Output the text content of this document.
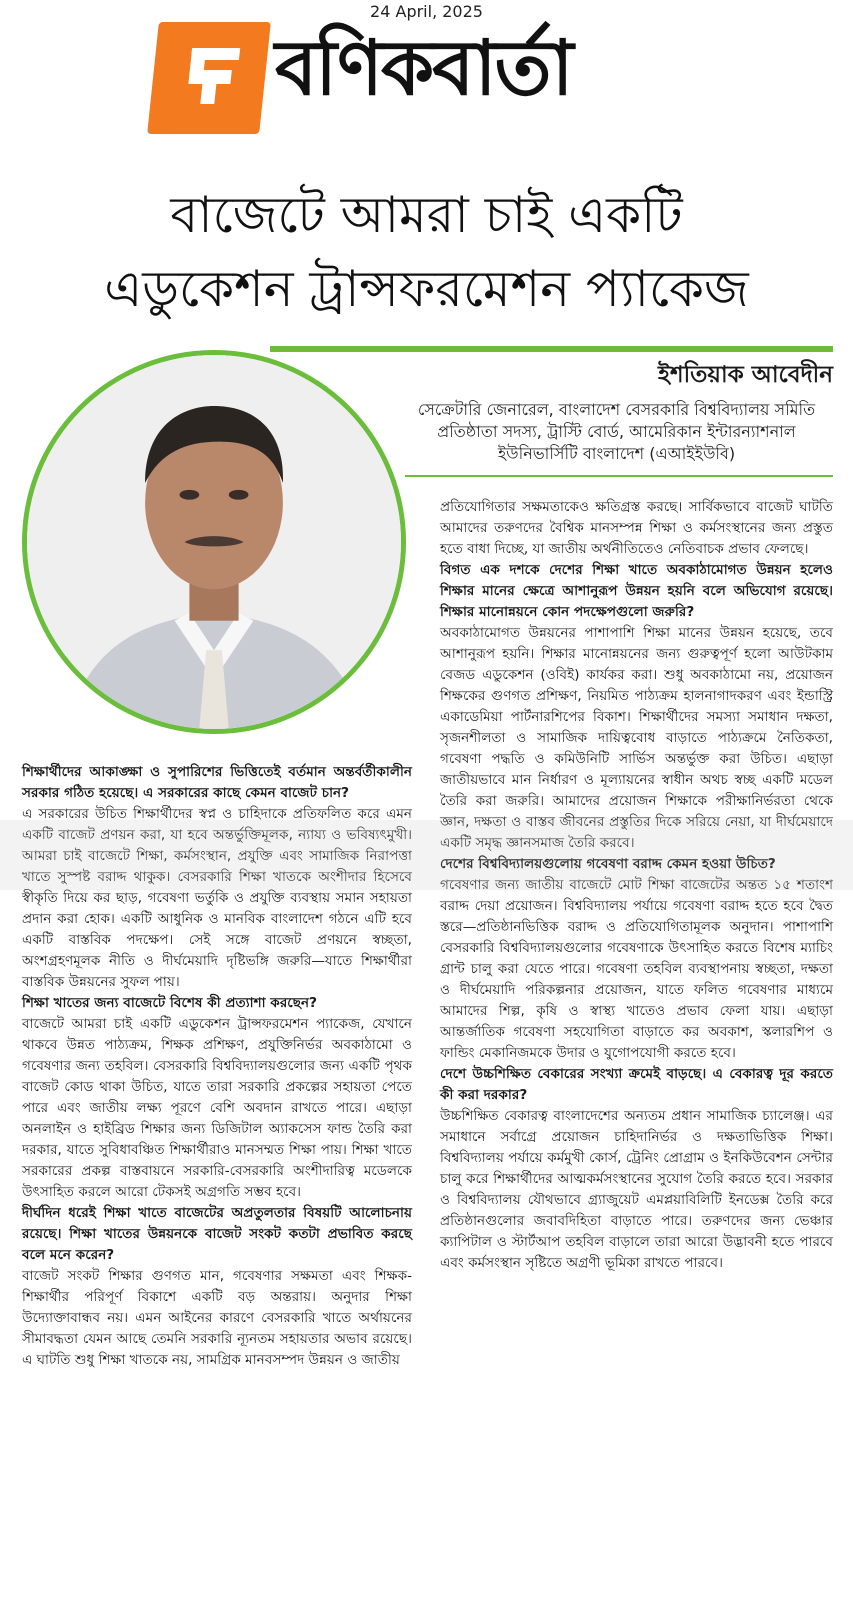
24 April, 2025
বণিকবার্তা
বাজেটে আমরা চাই একটি
এডুকেশন ট্রান্সফরমেশন প্যাকেজ
ইশতিয়াক আবেদীন
সেক্রেটারি জেনারেল, বাংলাদেশ বেসরকারি বিশ্ববিদ্যালয় সমিতি
প্রতিষ্ঠাতা সদস্য, ট্রাস্টি বোর্ড, আমেরিকান ইন্টারন্যাশনাল
ইউনিভার্সিটি বাংলাদেশ (এআইইউবি)

শিক্ষার্থীদের আকাঙ্ক্ষা ও সুপারিশের ভিত্তিতেই বর্তমান অন্তর্বর্তীকালীন সরকার গঠিত হয়েছে। এ সরকারের কাছে কেমন বাজেট চান?

এ সরকারের উচিত শিক্ষার্থীদের স্বপ্ন ও চাহিদাকে প্রতিফলিত করে এমন একটি বাজেট প্রণয়ন করা, যা হবে অন্তর্ভুক্তিমূলক, ন্যায্য ও ভবিষ্যৎমুখী। আমরা চাই বাজেটে শিক্ষা, কর্মসংস্থান, প্রযুক্তি এবং সামাজিক নিরাপত্তা খাতে সুস্পষ্ট বরাদ্দ থাকুক। বেসরকারি শিক্ষা খাতকে অংশীদার হিসেবে স্বীকৃতি দিয়ে কর ছাড়, গবেষণা ভর্তুকি ও প্রযুক্তি ব্যবস্থায় সমান সহায়তা প্রদান করা হোক। একটি আধুনিক ও মানবিক বাংলাদেশ গঠনে এটি হবে একটি বাস্তবিক পদক্ষেপ। সেই সঙ্গে বাজেট প্রণয়নে স্বচ্ছতা, অংশগ্রহণমূলক নীতি ও দীর্ঘমেয়াদি দৃষ্টিভঙ্গি জরুরি—যাতে শিক্ষার্থীরা বাস্তবিক উন্নয়নের সুফল পায়।

শিক্ষা খাতের জন্য বাজেটে বিশেষ কী প্রত্যাশা করছেন?

বাজেটে আমরা চাই একটি এডুকেশন ট্রান্সফরমেশন প্যাকেজ, যেখানে থাকবে উন্নত পাঠ্যক্রম, শিক্ষক প্রশিক্ষণ, প্রযুক্তিনির্ভর অবকাঠামো ও গবেষণার জন্য তহবিল। বেসরকারি বিশ্ববিদ্যালয়গুলোর জন্য একটি পৃথক বাজেট কোড থাকা উচিত, যাতে তারা সরকারি প্রকল্পের সহায়তা পেতে পারে এবং জাতীয় লক্ষ্য পূরণে বেশি অবদান রাখতে পারে। এছাড়া অনলাইন ও হাইব্রিড শিক্ষার জন্য ডিজিটাল অ্যাকসেস ফান্ড তৈরি করা দরকার, যাতে সুবিধাবঞ্চিত শিক্ষার্থীরাও মানসম্মত শিক্ষা পায়। শিক্ষা খাতে সরকারের প্রকল্প বাস্তবায়নে সরকারি-বেসরকারি অংশীদারিত্ব মডেলকে উৎসাহিত করলে আরো টেকসই অগ্রগতি সম্ভব হবে।

দীর্ঘদিন ধরেই শিক্ষা খাতে বাজেটের অপ্রতুলতার বিষয়টি আলোচনায় রয়েছে। শিক্ষা খাতের উন্নয়নকে বাজেট সংকট কতটা প্রভাবিত করছে বলে মনে করেন?

বাজেট সংকট শিক্ষার গুণগত মান, গবেষণার সক্ষমতা এবং শিক্ষক-শিক্ষার্থীর পরিপূর্ণ বিকাশে একটি বড় অন্তরায়। অনুদার শিক্ষা উদ্যোক্তাবান্ধব নয়। এমন আইনের কারণে বেসরকারি খাতে অর্থায়নের সীমাবদ্ধতা যেমন আছে তেমনি সরকারি ন্যূনতম সহায়তার অভাব রয়েছে। এ ঘাটতি শুধু শিক্ষা খাতকে নয়, সামগ্রিক মানবসম্পদ উন্নয়ন ও জাতীয়

প্রতিযোগিতার সক্ষমতাকেও ক্ষতিগ্রস্ত করছে। সার্বিকভাবে বাজেট ঘাটতি আমাদের তরুণদের বৈশ্বিক মানসম্পন্ন শিক্ষা ও কর্মসংস্থানের জন্য প্রস্তুত হতে বাধা দিচ্ছে, যা জাতীয় অর্থনীতিতেও নেতিবাচক প্রভাব ফেলছে।

বিগত এক দশকে দেশের শিক্ষা খাতে অবকাঠামোগত উন্নয়ন হলেও শিক্ষার মানের ক্ষেত্রে আশানুরূপ উন্নয়ন হয়নি বলে অভিযোগ রয়েছে। শিক্ষার মানোন্নয়নে কোন পদক্ষেপগুলো জরুরি?

অবকাঠামোগত উন্নয়নের পাশাপাশি শিক্ষা মানের উন্নয়ন হয়েছে, তবে আশানুরূপ হয়নি। শিক্ষার মানোন্নয়নের জন্য গুরুত্বপূর্ণ হলো আউটকাম বেজড এডুকেশন (ওবিই) কার্যকর করা। শুধু অবকাঠামো নয়, প্রয়োজন শিক্ষকের গুণগত প্রশিক্ষণ, নিয়মিত পাঠ্যক্রম হালনাগাদকরণ এবং ইন্ডাস্ট্রি একাডেমিয়া পার্টনারশিপের বিকাশ। শিক্ষার্থীদের সমস্যা সমাধান দক্ষতা, সৃজনশীলতা ও সামাজিক দায়িত্ববোধ বাড়াতে পাঠ্যক্রমে নৈতিকতা, গবেষণা পদ্ধতি ও কমিউনিটি সার্ভিস অন্তর্ভুক্ত করা উচিত। এছাড়া জাতীয়ভাবে মান নির্ধারণ ও মূল্যায়নের স্বাধীন অথচ স্বচ্ছ একটি মডেল তৈরি করা জরুরি। আমাদের প্রয়োজন শিক্ষাকে পরীক্ষানির্ভরতা থেকে জ্ঞান, দক্ষতা ও বাস্তব জীবনের প্রস্তুতির দিকে সরিয়ে নেয়া, যা দীর্ঘমেয়াদে একটি সমৃদ্ধ জ্ঞানসমাজ তৈরি করবে।

দেশের বিশ্ববিদ্যালয়গুলোয় গবেষণা বরাদ্দ কেমন হওয়া উচিত?

গবেষণার জন্য জাতীয় বাজেটে মোট শিক্ষা বাজেটের অন্তত ১৫ শতাংশ বরাদ্দ দেয়া প্রয়োজন। বিশ্ববিদ্যালয় পর্যায়ে গবেষণা বরাদ্দ হতে হবে দ্বৈত স্তরে—প্রতিষ্ঠানভিত্তিক বরাদ্দ ও প্রতিযোগিতামূলক অনুদান। পাশাপাশি বেসরকারি বিশ্ববিদ্যালয়গুলোর গবেষণাকে উৎসাহিত করতে বিশেষ ম্যাচিং গ্রান্ট চালু করা যেতে পারে। গবেষণা তহবিল ব্যবস্থাপনায় স্বচ্ছতা, দক্ষতা ও দীর্ঘমেয়াদি পরিকল্পনার প্রয়োজন, যাতে ফলিত গবেষণার মাধ্যমে আমাদের শিল্প, কৃষি ও স্বাস্থ্য খাতেও প্রভাব ফেলা যায়। এছাড়া আন্তর্জাতিক গবেষণা সহযোগিতা বাড়াতে কর অবকাশ, স্কলারশিপ ও ফান্ডিং মেকানিজমকে উদার ও যুগোপযোগী করতে হবে।

দেশে উচ্চশিক্ষিত বেকারের সংখ্যা ক্রমেই বাড়ছে। এ বেকারত্ব দূর করতে কী করা দরকার?

উচ্চশিক্ষিত বেকারত্ব বাংলাদেশের অন্যতম প্রধান সামাজিক চ্যালেঞ্জ। এর সমাধানে সর্বাগ্রে প্রয়োজন চাহিদানির্ভর ও দক্ষতাভিত্তিক শিক্ষা। বিশ্ববিদ্যালয় পর্যায়ে কর্মমুখী কোর্স, ট্রেনিং প্রোগ্রাম ও ইনকিউবেশন সেন্টার চালু করে শিক্ষার্থীদের আত্মকর্মসংস্থানের সুযোগ তৈরি করতে হবে। সরকার ও বিশ্ববিদ্যালয় যৌথভাবে গ্র্যাজুয়েট এমপ্লয়াবিলিটি ইনডেক্স তৈরি করে প্রতিষ্ঠানগুলোর জবাবদিহিতা বাড়াতে পারে। তরুণদের জন্য ভেঞ্চার ক্যাপিটাল ও স্টার্টআপ তহবিল বাড়ালে তারা আরো উদ্ভাবনী হতে পারবে এবং কর্মসংস্থান সৃষ্টিতে অগ্রণী ভূমিকা রাখতে পারবে।
